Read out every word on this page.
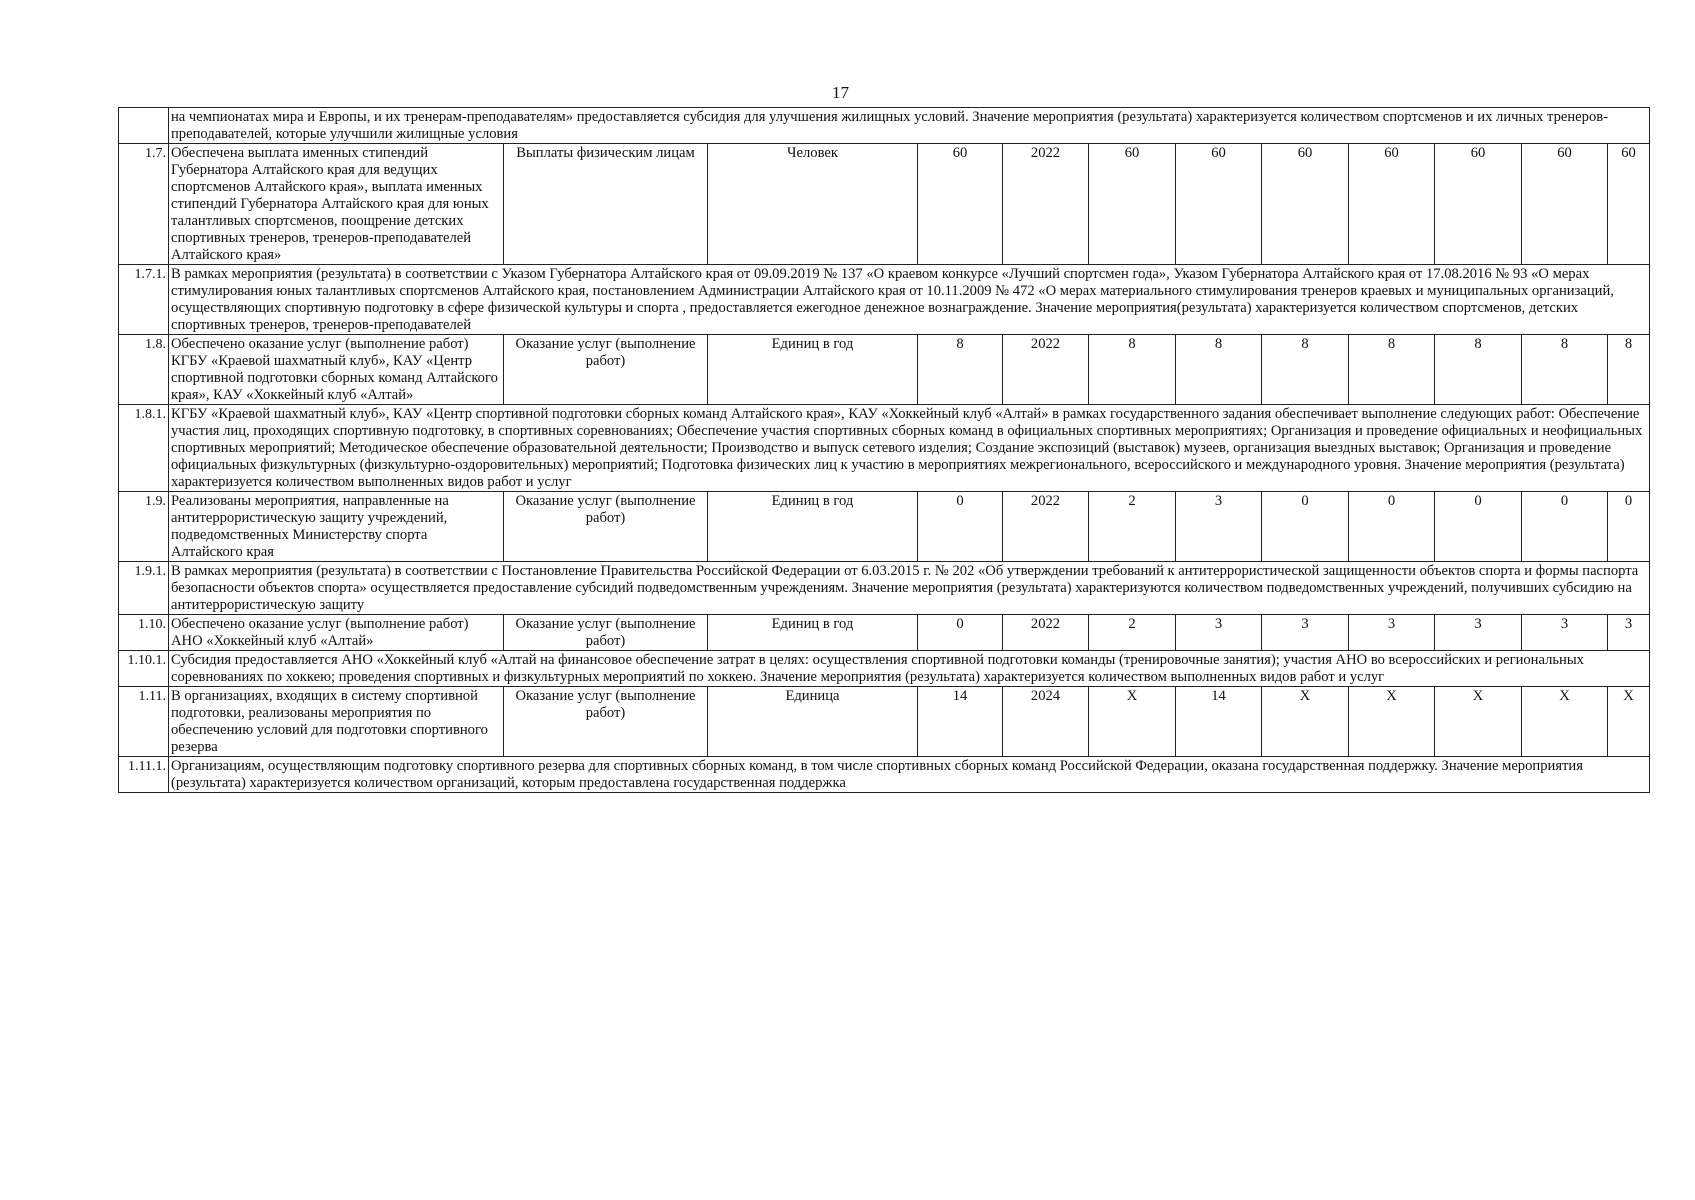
17
	на чемпионатах мира и Европы, и их тренерам-преподавателям» предоставляется субсидия для улучшения жилищных условий. Значение мероприятия (результата) характеризуется количеством спортсменов и их личных тренеров-преподавателей, которые улучшили жилищные условия											
1.7.	Обеспечена выплата именных стипендий Губернатора Алтайского края для ведущих спортсменов Алтайского края», выплата именных стипендий Губернатора Алтайского края для юных талантливых спортсменов, поощрение детских спортивных тренеров, тренеров-преподавателей Алтайского края»	Выплаты физическим лицам	Человек	60	2022	60	60	60	60	60	60	60
1.7.1.	В рамках мероприятия (результата) в соответствии с Указом Губернатора Алтайского края от 09.09.2019 № 137 «О краевом конкурсе «Лучший спортсмен года», Указом Губернатора Алтайского края от 17.08.2016 № 93 «О мерах стимулирования юных талантливых спортсменов Алтайского края, постановлением Администрации Алтайского края от 10.11.2009 № 472 «О мерах материального стимулирования тренеров краевых и муниципальных организаций, осуществляющих спортивную подготовку в сфере физической культуры и спорта , предоставляется ежегодное денежное вознаграждение. Значение мероприятия(результата) характеризуется количеством спортсменов, детских спортивных тренеров, тренеров-преподавателей											
1.8.	Обеспечено оказание услуг (выполнение работ) КГБУ «Краевой шахматный клуб», КАУ «Центр спортивной подготовки сборных команд Алтайского края», КАУ «Хоккейный клуб «Алтай»	Оказание услуг (выполнение работ)	Единиц в год	8	2022	8	8	8	8	8	8	8
1.8.1.	КГБУ «Краевой шахматный клуб», КАУ «Центр спортивной подготовки сборных команд Алтайского края», КАУ «Хоккейный клуб «Алтай» в рамках государственного задания обеспечивает выполнение следующих работ: Обеспечение участия лиц, проходящих спортивную подготовку, в спортивных соревнованиях; Обеспечение участия спортивных сборных команд в официальных спортивных мероприятиях; Организация и проведение официальных и неофициальных спортивных мероприятий; Методическое обеспечение образовательной деятельности; Производство и выпуск сетевого изделия; Создание экспозиций (выставок) музеев, организация выездных выставок; Организация и проведение официальных физкультурных (физкультурно-оздоровительных) мероприятий; Подготовка физических лиц к участию в мероприятиях межрегионального, всероссийского и международного уровня. Значение мероприятия (результата) характеризуется количеством выполненных видов работ и услуг											
1.9.	Реализованы мероприятия, направленные на антитеррористическую защиту учреждений, подведомственных Министерству спорта Алтайского края	Оказание услуг (выполнение работ)	Единиц в год	0	2022	2	3	0	0	0	0	0
1.9.1.	В рамках мероприятия (результата) в соответствии с Постановление Правительства Российской Федерации от 6.03.2015 г. № 202 «Об утверждении требований к антитеррористической защищенности объектов спорта и формы паспорта безопасности объектов спорта» осуществляется предоставление субсидий подведомственным учреждениям. Значение мероприятия (результата) характеризуются количеством подведомственных учреждений, получивших субсидию на антитеррористическую защиту											
1.10.	Обеспечено оказание услуг (выполнение работ) АНО «Хоккейный клуб «Алтай»	Оказание услуг (выполнение работ)	Единиц в год	0	2022	2	3	3	3	3	3	3
1.10.1.	Субсидия предоставляется АНО «Хоккейный клуб «Алтай на финансовое обеспечение затрат в целях: осуществления спортивной подготовки команды (тренировочные занятия); участия АНО во всероссийских и региональных соревнованиях по хоккею; проведения спортивных и физкультурных мероприятий по хоккею. Значение мероприятия (результата) характеризуется количеством выполненных видов работ и услуг											
1.11.	В организациях, входящих в систему спортивной подготовки, реализованы мероприятия по обеспечению условий для подготовки спортивного резерва	Оказание услуг (выполнение работ)	Единица	14	2024	X	14	X	X	X	X	X
1.11.1.	Организациям, осуществляющим подготовку спортивного резерва для спортивных сборных команд, в том числе спортивных сборных команд Российской Федерации, оказана государственная поддержку. Значение мероприятия (результата) характеризуется количеством организаций, которым предоставлена государственная поддержка											
